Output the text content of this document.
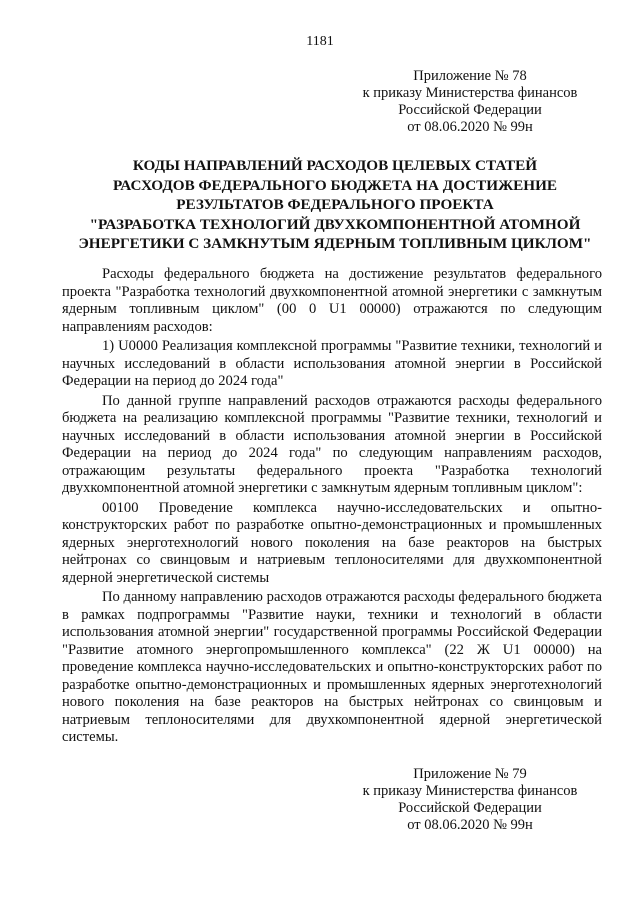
1181
Приложение № 78
к приказу Министерства финансов
Российской Федерации
от 08.06.2020 № 99н
КОДЫ НАПРАВЛЕНИЙ РАСХОДОВ ЦЕЛЕВЫХ СТАТЕЙ
РАСХОДОВ ФЕДЕРАЛЬНОГО БЮДЖЕТА НА ДОСТИЖЕНИЕ
РЕЗУЛЬТАТОВ ФЕДЕРАЛЬНОГО ПРОЕКТА
"РАЗРАБОТКА ТЕХНОЛОГИЙ ДВУХКОМПОНЕНТНОЙ АТОМНОЙ
ЭНЕРГЕТИКИ С ЗАМКНУТЫМ ЯДЕРНЫМ ТОПЛИВНЫМ ЦИКЛОМ"

Расходы федерального бюджета на достижение результатов федерального проекта "Разработка технологий двухкомпонентной атомной энергетики с замкнутым ядерным топливным циклом" (00 0 U1 00000) отражаются по следующим направлениям расходов:

1) U0000 Реализация комплексной программы "Развитие техники, технологий и научных исследований в области использования атомной энергии в Российской Федерации на период до 2024 года"

По данной группе направлений расходов отражаются расходы федерального бюджета на реализацию комплексной программы "Развитие техники, технологий и научных исследований в области использования атомной энергии в Российской Федерации на период до 2024 года" по следующим направлениям расходов, отражающим результаты федерального проекта "Разработка технологий двухкомпонентной атомной энергетики с замкнутым ядерным топливным циклом":

00100 Проведение комплекса научно-исследовательских и опытно-конструкторских работ по разработке опытно-демонстрационных и промышленных ядерных энерготехнологий нового поколения на базе реакторов на быстрых нейтронах со свинцовым и натриевым теплоносителями для двухкомпонентной ядерной энергетической системы

По данному направлению расходов отражаются расходы федерального бюджета в рамках подпрограммы "Развитие науки, техники и технологий в области использования атомной энергии" государственной программы Российской Федерации "Развитие атомного энергопромышленного комплекса" (22 Ж U1 00000) на проведение комплекса научно-исследовательских и опытно-конструкторских работ по разработке опытно-демонстрационных и промышленных ядерных энерготехнологий нового поколения на базе реакторов на быстрых нейтронах со свинцовым и натриевым теплоносителями для двухкомпонентной ядерной энергетической системы.

Приложение № 79
к приказу Министерства финансов
Российской Федерации
от 08.06.2020 № 99н
